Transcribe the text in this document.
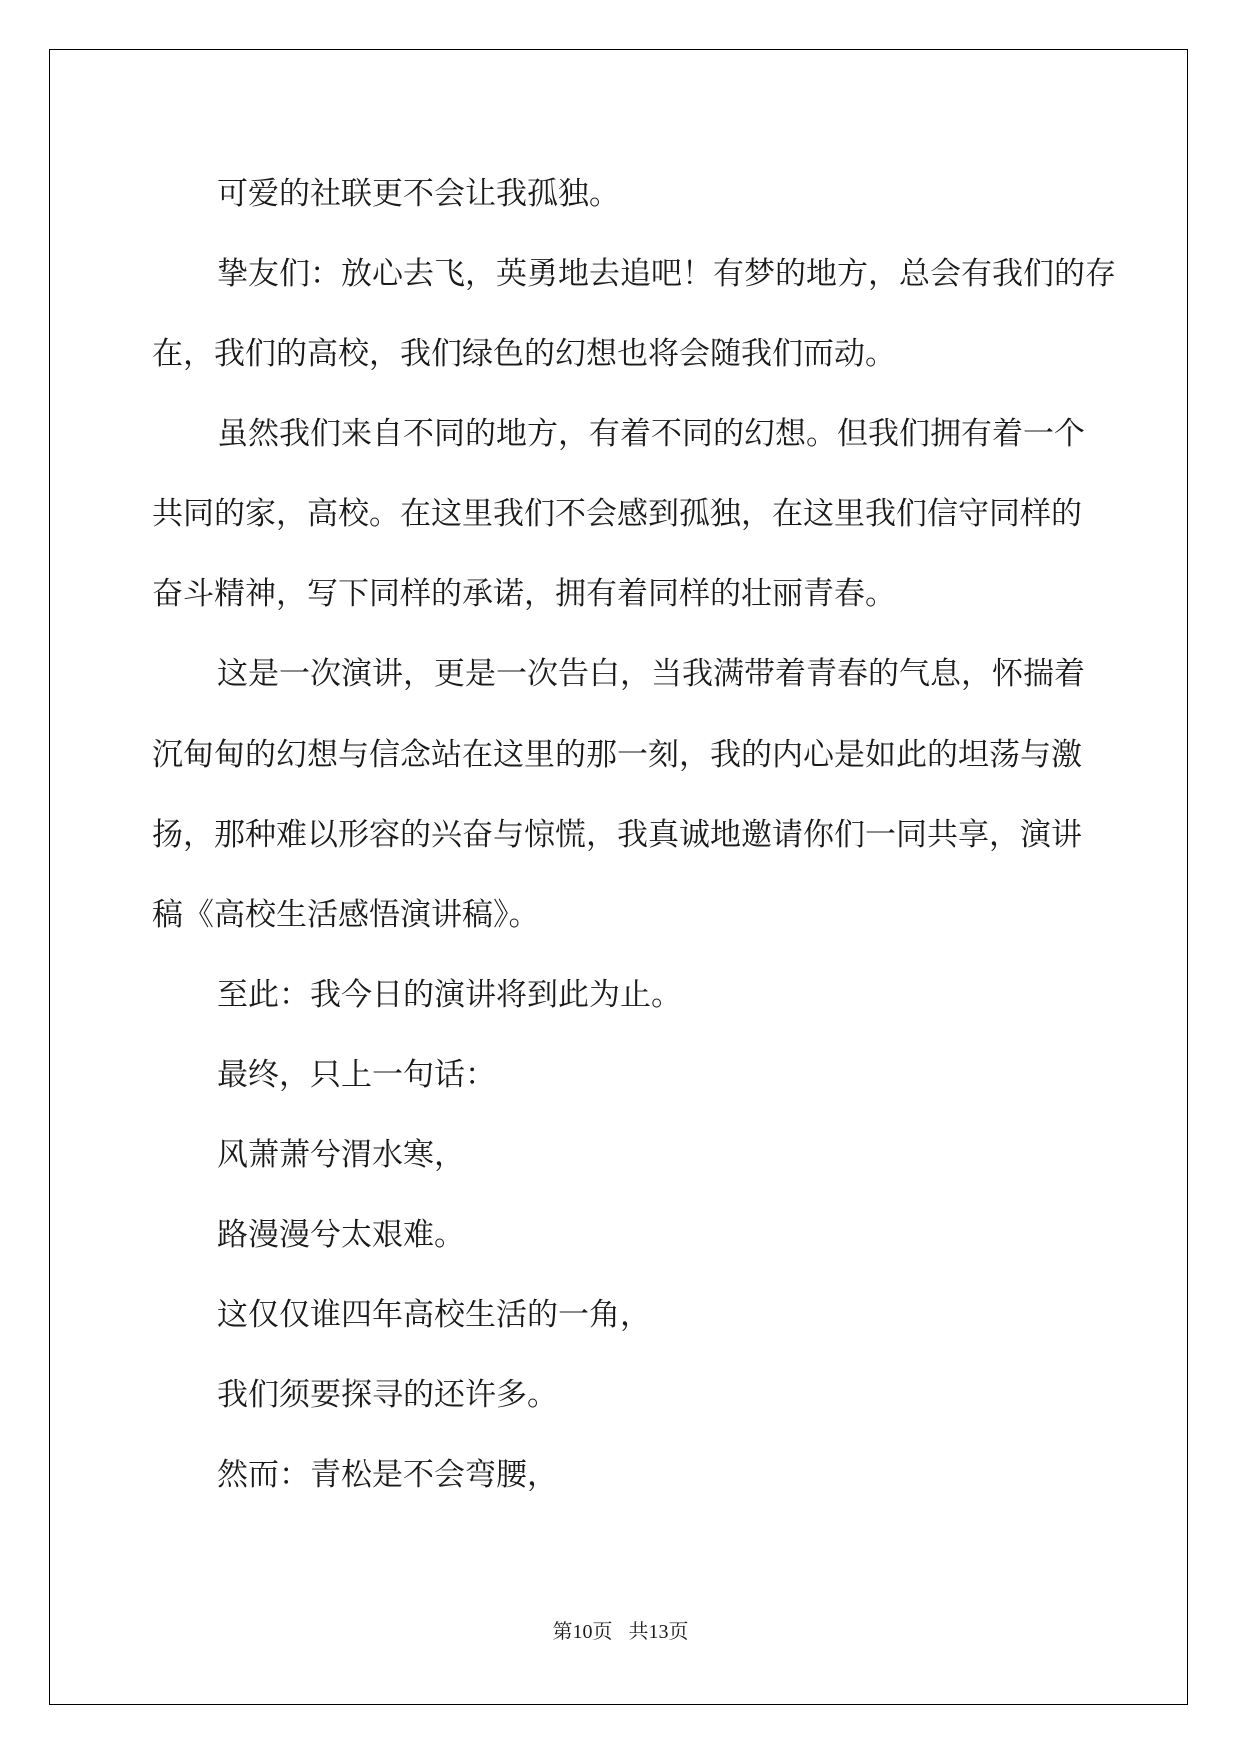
可爱的社联更不会让我孤独。
挚友们：放心去飞，英勇地去追吧！有梦的地方，总会有我们的存
在，我们的高校，我们绿色的幻想也将会随我们而动。
虽然我们来自不同的地方，有着不同的幻想。但我们拥有着一个
共同的家，高校。在这里我们不会感到孤独，在这里我们信守同样的
奋斗精神，写下同样的承诺，拥有着同样的壮丽青春。
这是一次演讲，更是一次告白，当我满带着青春的气息，怀揣着
沉甸甸的幻想与信念站在这里的那一刻，我的内心是如此的坦荡与激
扬，那种难以形容的兴奋与惊慌，我真诚地邀请你们一同共享，演讲
稿《高校生活感悟演讲稿》。
至此：我今日的演讲将到此为止。
最终，只上一句话：
风萧萧兮渭水寒，
路漫漫兮太艰难。
这仅仅谁四年高校生活的一角，
我们须要探寻的还许多。
然而：青松是不会弯腰，
第10页 共13页
